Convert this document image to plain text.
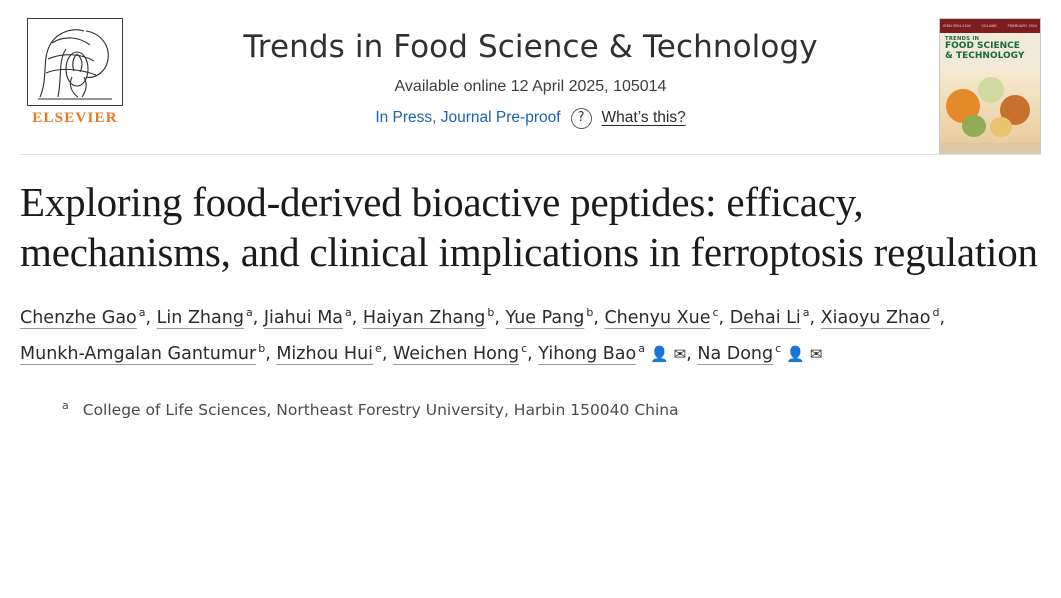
ELSEVIER
Trends in Food Science & Technology
Available online 12 April 2025, 105014
In Press, Journal Pre-proof	?	What’s this?
ISSN 0924-2244	VOLUME	FEBRUARY 2024
TRENDS IN
FOOD SCIENCE
& TECHNOLOGY
Exploring food-derived bioactive peptides: efficacy, mechanisms, and clinical implications in ferroptosis regulation
Chenzhe Gao $^a$, Lin Zhang $^a$, Jiahui Ma $^a$, Haiyan Zhang $^b$, Yue Pang $^b$, Chenyu Xue $^c$, Dehai Li $^a$, Xiaoyu Zhao $^d$, Munkh-Amgalan Gantumur $^b$, Mizhou Hui $^e$, Weichen Hong $^c$, Yihong Bao $^a$ 👤 ✉, Na Dong $^c$ 👤 ✉
$^a$ College of Life Sciences, Northeast Forestry University, Harbin 150040 China
